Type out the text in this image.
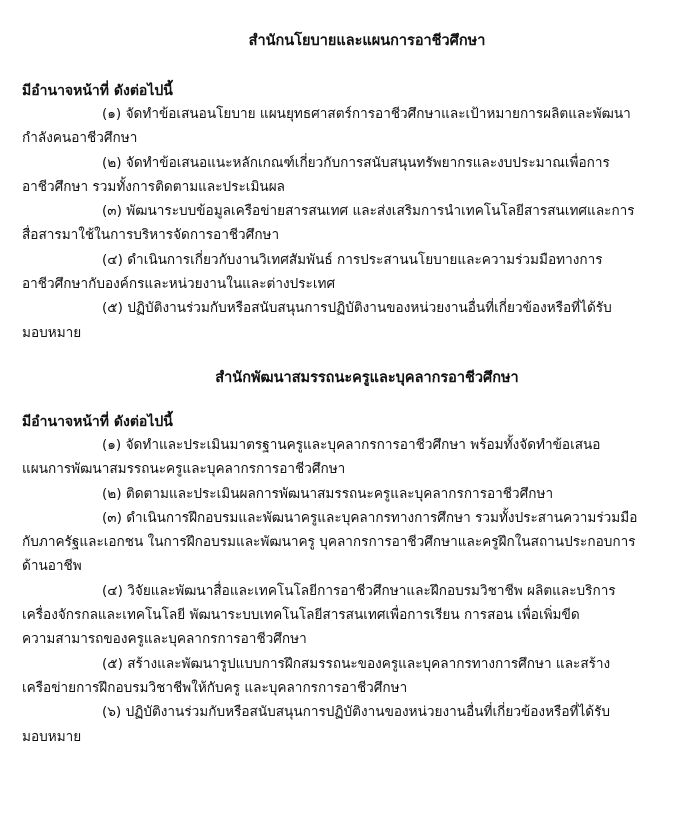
สำนักนโยบายและแผนการอาชีวศึกษา

มีอำนาจหน้าที่ ดังต่อไปนี้

(๑) จัดทำข้อเสนอนโยบาย แผนยุทธศาสตร์การอาชีวศึกษาและเป้าหมายการผลิตและพัฒนา
กำลังคนอาชีวศึกษา
(๒) จัดทำข้อเสนอแนะหลักเกณฑ์เกี่ยวกับการสนับสนุนทรัพยากรและงบประมาณเพื่อการ
อาชีวศึกษา รวมทั้งการติดตามและประเมินผล
(๓) พัฒนาระบบข้อมูลเครือข่ายสารสนเทศ และส่งเสริมการนำเทคโนโลยีสารสนเทศและการ
สื่อสารมาใช้ในการบริหารจัดการอาชีวศึกษา
(๔) ดำเนินการเกี่ยวกับงานวิเทศสัมพันธ์ การประสานนโยบายและความร่วมมือทางการ
อาชีวศึกษากับองค์กรและหน่วยงานในและต่างประเทศ
(๕) ปฏิบัติงานร่วมกับหรือสนับสนุนการปฏิบัติงานของหน่วยงานอื่นที่เกี่ยวข้องหรือที่ได้รับ
มอบหมาย

สำนักพัฒนาสมรรถนะครูและบุคลากรอาชีวศึกษา

มีอำนาจหน้าที่ ดังต่อไปนี้

(๑) จัดทำและประเมินมาตรฐานครูและบุคลากรการอาชีวศึกษา พร้อมทั้งจัดทำข้อเสนอ
แผนการพัฒนาสมรรถนะครูและบุคลากรการอาชีวศึกษา
(๒) ติดตามและประเมินผลการพัฒนาสมรรถนะครูและบุคลากรการอาชีวศึกษา
(๓) ดำเนินการฝึกอบรมและพัฒนาครูและบุคลากรทางการศึกษา รวมทั้งประสานความร่วมมือ
กับภาครัฐและเอกชน ในการฝึกอบรมและพัฒนาครู บุคลากรการอาชีวศึกษาและครูฝึกในสถานประกอบการ
ด้านอาชีพ
(๔) วิจัยและพัฒนาสื่อและเทคโนโลยีการอาชีวศึกษาและฝึกอบรมวิชาชีพ ผลิตและบริการ
เครื่องจักรกลและเทคโนโลยี พัฒนาระบบเทคโนโลยีสารสนเทศเพื่อการเรียน การสอน เพื่อเพิ่มขีด
ความสามารถของครูและบุคลากรการอาชีวศึกษา
(๕) สร้างและพัฒนารูปแบบการฝึกสมรรถนะของครูและบุคลากรทางการศึกษา และสร้าง
เครือข่ายการฝึกอบรมวิชาชีพให้กับครู และบุคลากรการอาชีวศึกษา
(๖) ปฏิบัติงานร่วมกับหรือสนับสนุนการปฏิบัติงานของหน่วยงานอื่นที่เกี่ยวข้องหรือที่ได้รับ
มอบหมาย
